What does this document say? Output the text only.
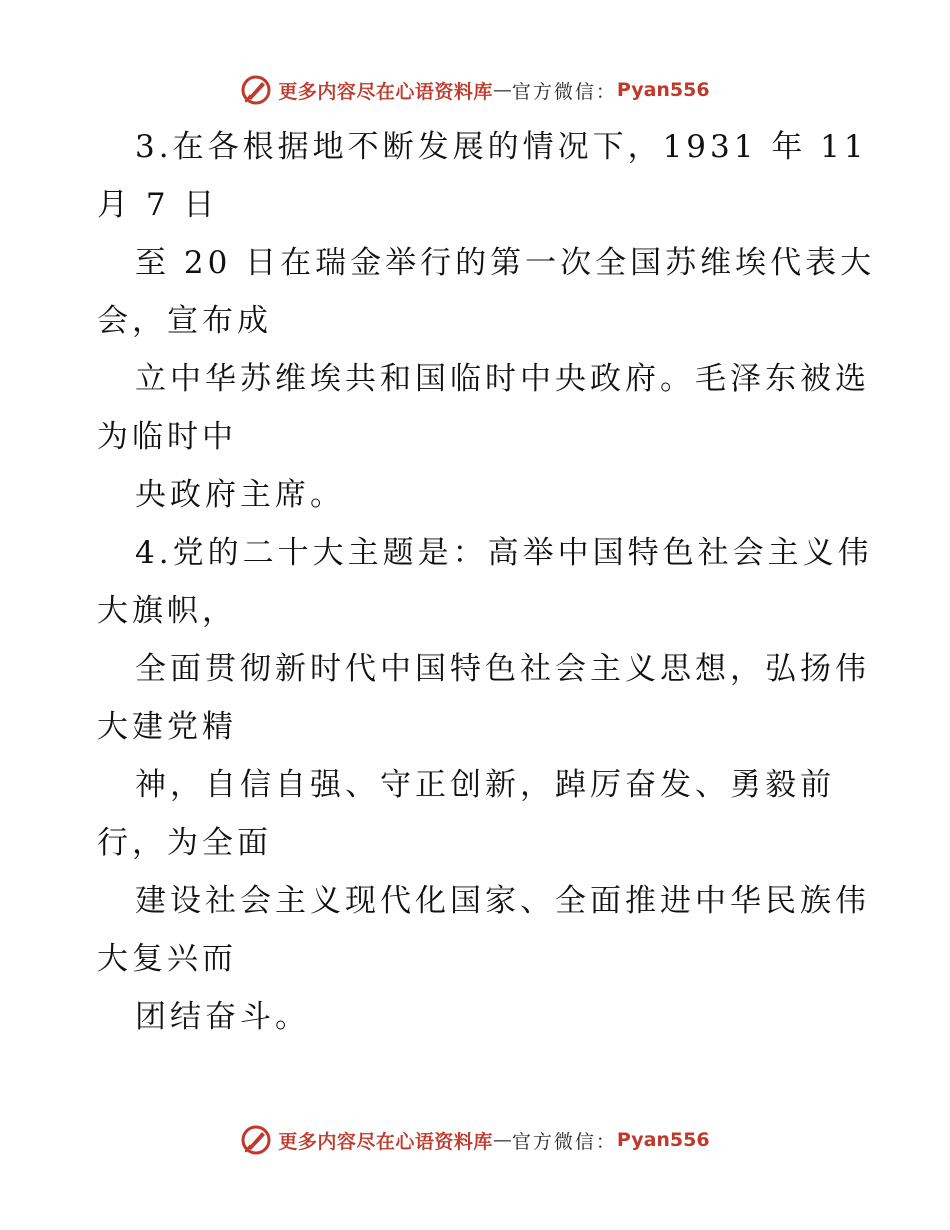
更多内容尽在心语资料库 — 官方微信： Pyan556
3.在各根据地不断发展的情况下，1931 年 11
月 7 日
至 20 日在瑞金举行的第一次全国苏维埃代表大
会，宣布成
立中华苏维埃共和国临时中央政府。毛泽东被选
为临时中
央政府主席。
4.党的二十大主题是：高举中国特色社会主义伟
大旗帜，
全面贯彻新时代中国特色社会主义思想，弘扬伟
大建党精
神，自信自强、守正创新，踔厉奋发、勇毅前
行，为全面
建设社会主义现代化国家、全面推进中华民族伟
大复兴而
团结奋斗。
更多内容尽在心语资料库 — 官方微信： Pyan556
